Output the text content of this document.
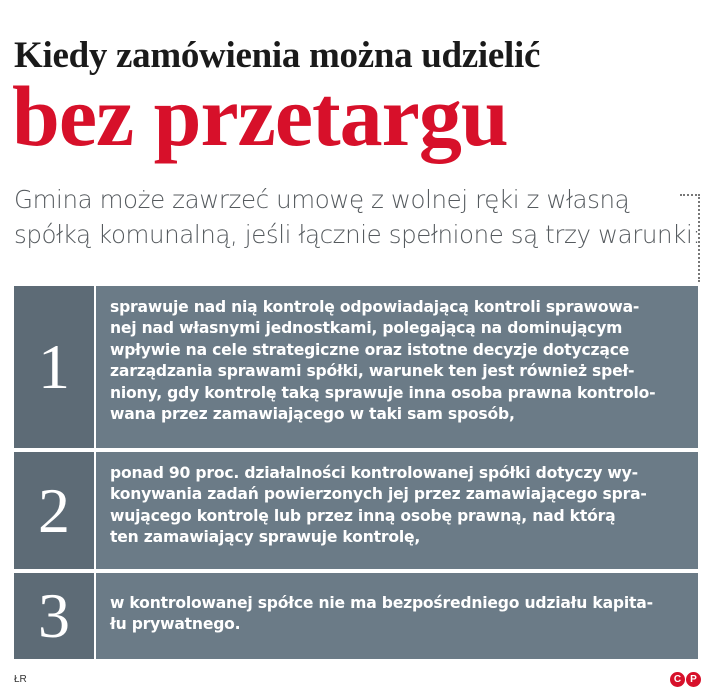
Kiedy zamówienia można udzielić
bez przetargu
Gmina może zawrzeć umowę z wolnej ręki z własną
spółką komunalną, jeśli łącznie spełnione są trzy warunki:
1
sprawuje nad nią kontrolę odpowiadającą kontroli sprawowa-
nej nad własnymi jednostkami, polegającą na dominującym
wpływie na cele strategiczne oraz istotne decyzje dotyczące
zarządzania sprawami spółki, warunek ten jest również speł-
niony, gdy kontrolę taką sprawuje inna osoba prawna kontrolo-
wana przez zamawiającego w taki sam sposób,
2
ponad 90 proc. działalności kontrolowanej spółki dotyczy wy-
konywania zadań powierzonych jej przez zamawiającego spra-
wującego kontrolę lub przez inną osobę prawną, nad którą
ten zamawiający sprawuje kontrolę,
3	w kontrolowanej spółce nie ma bezpośredniego udziału kapita-
łu prywatnego.
ŁR	C P
